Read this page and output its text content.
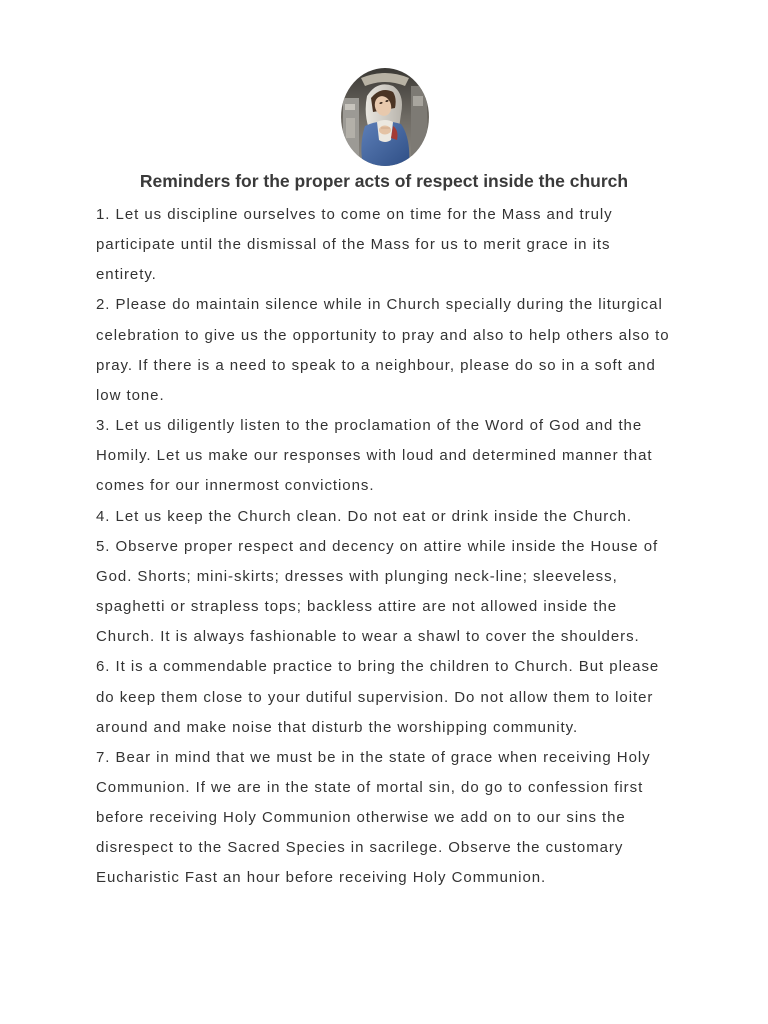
Reminders for the proper acts of respect inside the church
1. Let us discipline ourselves to come on time for the Mass and truly
participate until the dismissal of the Mass for us to merit grace in its
entirety.
2. Please do maintain silence while in Church specially during the liturgical
celebration to give us the opportunity to pray and also to help others also to
pray. If there is a need to speak to a neighbour, please do so in a soft and
low tone.
3. Let us diligently listen to the proclamation of the Word of God and the
Homily. Let us make our responses with loud and determined manner that
comes for our innermost convictions.
4. Let us keep the Church clean. Do not eat or drink inside the Church.
5. Observe proper respect and decency on attire while inside the House of
God. Shorts; mini-skirts; dresses with plunging neck-line; sleeveless,
spaghetti or strapless tops; backless attire are not allowed inside the
Church. It is always fashionable to wear a shawl to cover the shoulders.
6. It is a commendable practice to bring the children to Church. But please
do keep them close to your dutiful supervision. Do not allow them to loiter
around and make noise that disturb the worshipping community.
7. Bear in mind that we must be in the state of grace when receiving Holy
Communion. If we are in the state of mortal sin, do go to confession first
before receiving Holy Communion otherwise we add on to our sins the
disrespect to the Sacred Species in sacrilege. Observe the customary
Eucharistic Fast an hour before receiving Holy Communion.
